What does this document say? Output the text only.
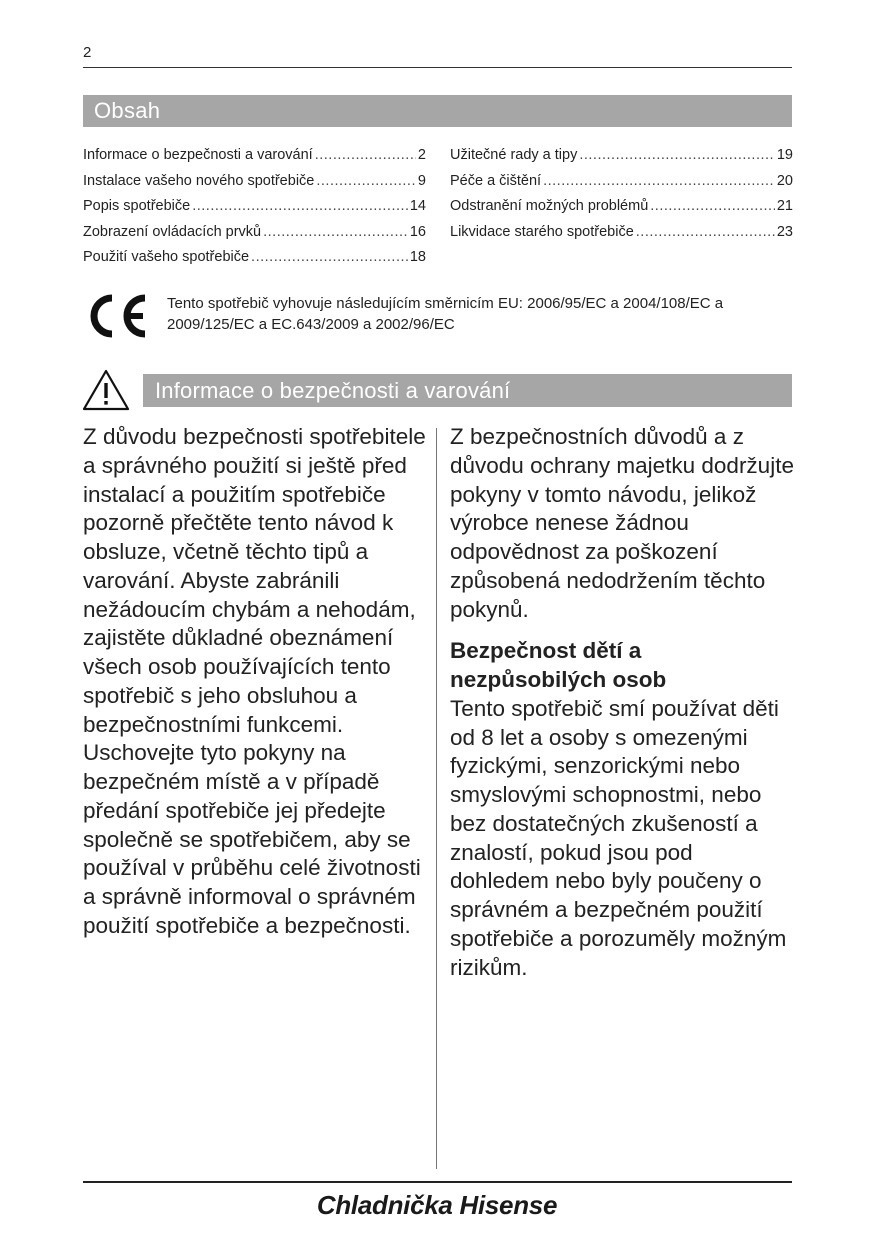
2
Obsah
Informace o bezpečnosti a varování .....	2
Instalace vašeho nového spotřebiče .....	9
Popis spotřebiče .....	14
Zobrazení ovládacích prvků .....	16
Použití vašeho spotřebiče .....	18
Užitečné rady a tipy .....	19
Péče a čištění .....	20
Odstranění možných problémů .....	21
Likvidace starého spotřebiče .....	23
Tento spotřebič vyhovuje následujícím směrnicím EU: 2006/95/EC a 2004/108/EC a 2009/125/EC a EC.643/2009 a 2002/96/EC
Informace o bezpečnosti a varování

Z důvodu bezpečnosti spotřebitele a správného použití si ještě před instalací a použitím spotřebiče pozorně přečtěte tento návod k obsluze, včetně těchto tipů a varování. Abyste zabránili nežádoucím chybám a nehodám, zajistěte důkladné obeznámení všech osob používajících tento spotřebič s jeho obsluhou a bezpečnostními funkcemi. Uschovejte tyto pokyny na bezpečném místě a v případě předání spotřebiče jej předejte společně se spotřebičem, aby se používal v průběhu celé životnosti a správně informoval o správném použití spotřebiče a bezpečnosti.

Z bezpečnostních důvodů a z důvodu ochrany majetku dodržujte pokyny v tomto návodu, jelikož výrobce nenese žádnou odpovědnost za poškození způsobená nedodržením těchto pokynů.

Bezpečnost dětí a nezpůsobilých osob

Tento spotřebič smí používat děti od 8 let a osoby s omezenými fyzickými, senzorickými nebo smyslovými schopnostmi, nebo bez dostatečných zkušeností a znalostí, pokud jsou pod dohledem nebo byly poučeny o správném a bezpečném použití spotřebiče a porozuměly možným rizikům.

Chladnička Hisense
